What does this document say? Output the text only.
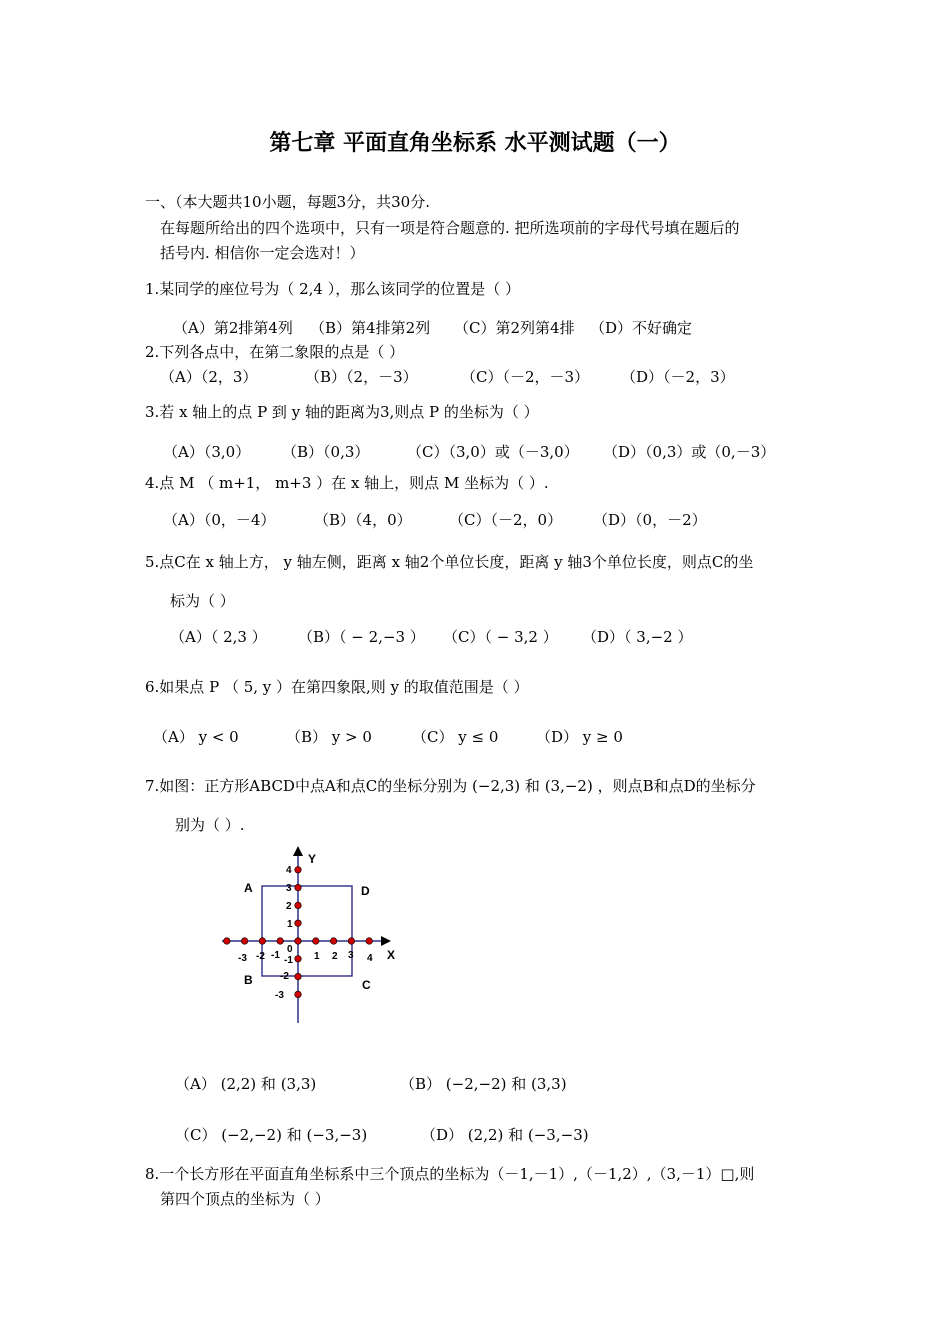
第七章 平面直角坐标系 水平测试题（一）
一、（本大题共10小题，每题3分，共30分.
在每题所给出的四个选项中，只有一项是符合题意的. 把所选项前的字母代号填在题后的
括号内. 相信你一定会选对！）
1.某同学的座位号为（ 2,4 ），那么该同学的位置是（ ）
（A）第2排第4列 （B）第4排第2列 （C）第2列第4排 （D）不好确定
2.下列各点中，在第二象限的点是（ ）
（A）（2，3）	（B）（2，－3）	（C）（－2，－3） （D）（－2，3）
3.若 x 轴上的点 P 到 y 轴的距离为3,则点 P 的坐标为（ ）
（A）（3,0） （B）（0,3）	（C）（3,0）或（－3,0） （D）（0,3）或（0,－3）
4.点 M （ m+1， m+3 ）在 x 轴上，则点 M 坐标为（ ）.
（A）（0，－4）	（B）（4，0） （C）（－2，0） （D）（0，－2）
5.点C在 x 轴上方， y 轴左侧，距离 x 轴2个单位长度，距离 y 轴3个单位长度，则点C的坐
标为（ ）
（A）（ 2,3 ） （B）（ − 2,−3 ） （C）（ − 3,2 ） （D）（ 3,−2 ）
6.如果点 P （ 5, y ）在第四象限,则 y 的取值范围是（ ）
（A） y < 0	（B） y > 0	（C） y ≤ 0	（D） y ≥ 0
7.如图：正方形ABCD中点A和点C的坐标分别为 (−2,3) 和 (3,−2) ，则点B和点D的坐标分
别为（ ）.
Y
X
A	D
B	C
0
-3 -2 -1	1 2 3 4
4
3
2
1
-1
-2
-3
（A） (2,2) 和 (3,3)	（B） (−2,−2) 和 (3,3)
（C） (−2,−2) 和 (−3,−3)	（D） (2,2) 和 (−3,−3)
8.一个长方形在平面直角坐标系中三个顶点的坐标为（－1,－1）,（－1,2）,（3,－1）□,则
第四个顶点的坐标为（ ）
